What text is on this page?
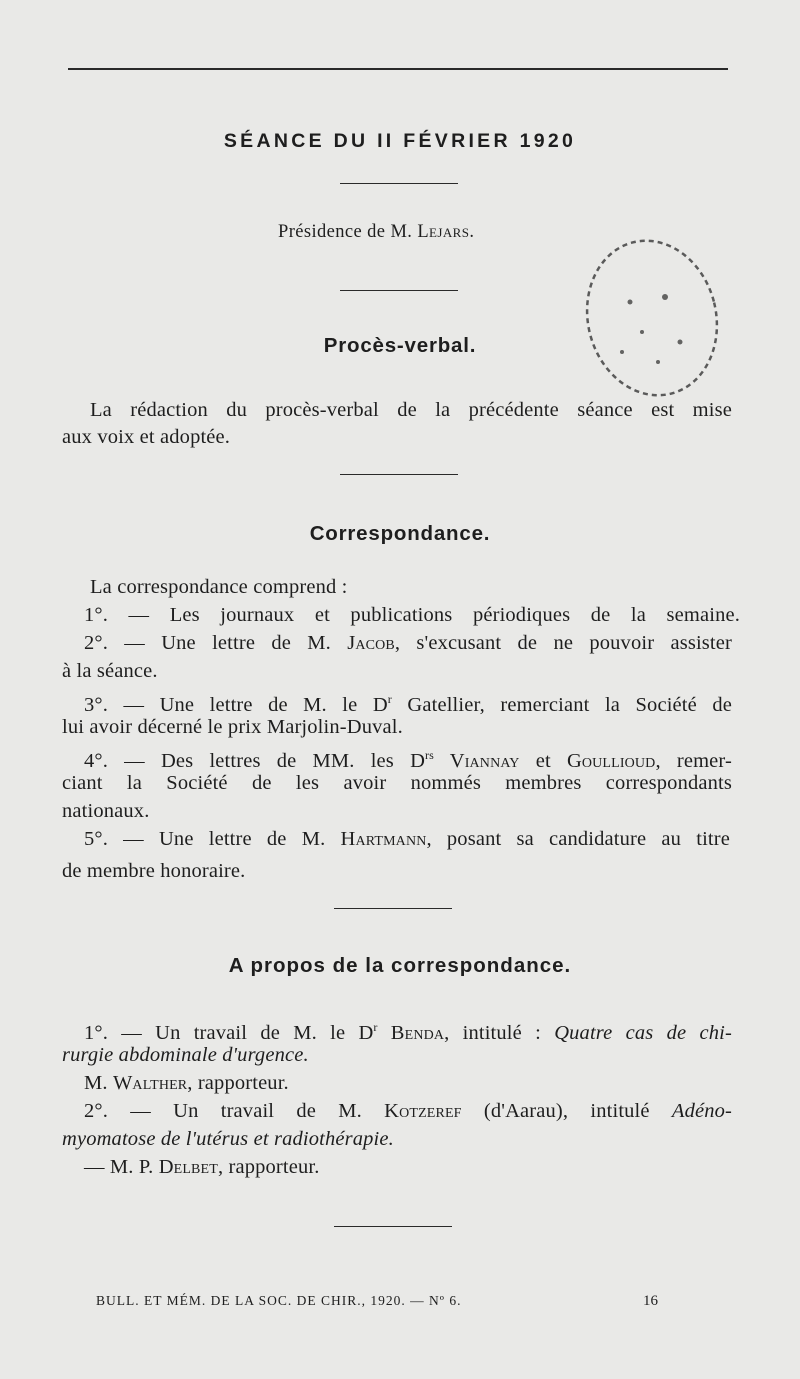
SÉANCE DU II FÉVRIER 1920
Présidence de M. Lejars.
Procès-verbal.
La rédaction du procès-verbal de la précédente séance est mise
aux voix et adoptée.
Correspondance.
La correspondance comprend :
1°. — Les journaux et publications périodiques de la semaine.
2°. — Une lettre de M. Jacob, s'excusant de ne pouvoir assister
à la séance.
3°. — Une lettre de M. le $D^r$ Gatellier, remerciant la Société de
lui avoir décerné le prix Marjolin-Duval.
4°. — Des lettres de MM. les $D^{rs}$ Viannay et Goullioud, remer-
ciant la Société de les avoir nommés membres correspondants
nationaux.
5°. — Une lettre de M. Hartmann, posant sa candidature au titre
de membre honoraire.
A propos de la correspondance.
1°. — Un travail de M. le $D^r$ Benda, intitulé : Quatre cas de chi-
rurgie abdominale d'urgence.
M. Walther, rapporteur.
2°. — Un travail de M. Kotzeref (d'Aarau), intitulé Adéno-
myomatose de l'utérus et radiothérapie.
— M. P. Delbet, rapporteur.
BULL. ET MÉM. DE LA SOC. DE CHIR., 1920. — Nº 6.	16
